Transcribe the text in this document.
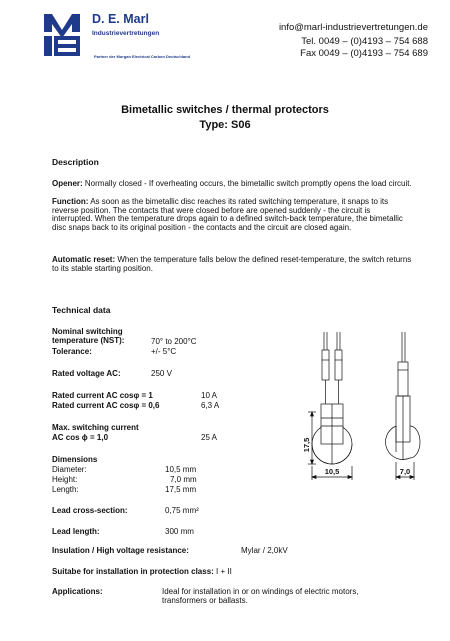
D. E. Marl
Industrievertretungen
Partner der Morgan Electrical Carbon Deutschland
info@marl-industrievertretungen.de
Tel. 0049 – (0)4193 – 754 688
Fax 0049 – (0)4193 – 754 689
Bimetallic switches / thermal protectors
Type: S06
Description
Opener: Normally closed - If overheating occurs, the bimetallic switch promptly opens the load circuit.
Function: As soon as the bimetallic disc reaches its rated switching temperature, it snaps to its reverse position. The contacts that were closed before are opened suddenly - the circuit is interrupted. When the temperature drops again to a defined switch-back temperature, the bimetallic disc snaps back to its original position - the contacts and the circuit are closed again.
Automatic reset: When the temperature falls below the defined reset-temperature, the switch returns to its stable starting position.
Technical data
Nominal switching
temperature (NST):	70° to 200°C
Tolerance:	+/- 5°C
Rated voltage AC:	250 V
Rated current AC cosφ = 1	10 A
Rated current AC cosφ = 0,6	6,3 A
Max. switching current
AC cos ϕ = 1,0	25 A
Dimensions
Diameter:	10,5 mm
Height:	7,0 mm
Length:	17,5 mm
Lead cross-section:	0,75 mm²
Lead length:	300 mm
Insulation / High voltage resistance:	Mylar / 2,0kV
Suitabe for installation in protection class: I + II
Applications:	Ideal for installation in or on windings of electric motors,
transformers or ballasts.
17,5
10,5	7,0
